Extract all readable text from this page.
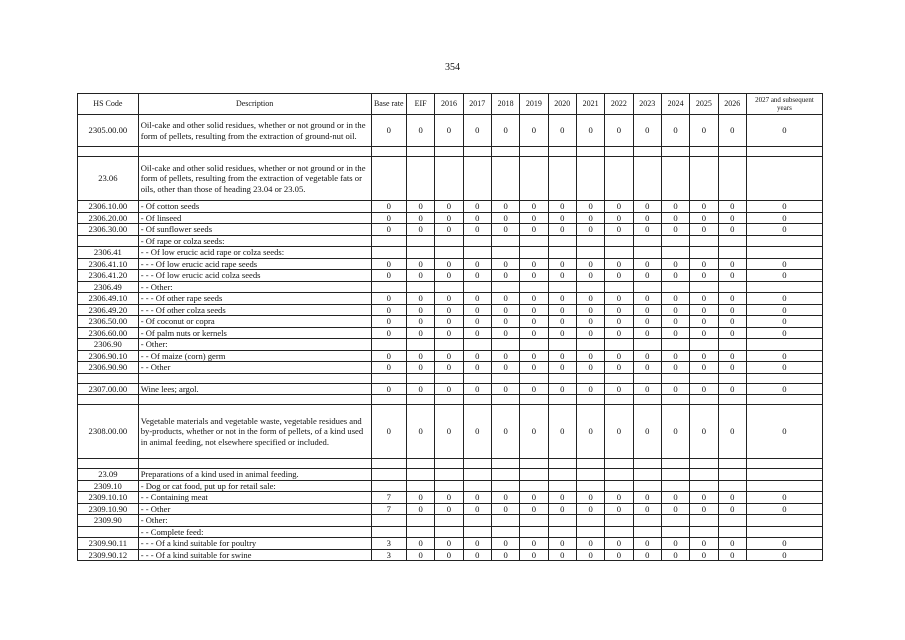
354
HS Code	Description	Base rate	EIF	2016	2017	2018	2019	2020	2021	2022	2023	2024	2025	2026	2027 and subsequent years
2305.00.00	Oil-cake and other solid residues, whether or not ground or in the form of pellets, resulting from the extraction of ground-nut oil.	0	0	0	0	0	0	0	0	0	0	0	0	0	0

23.06	Oil-cake and other solid residues, whether or not ground or in the form of pellets, resulting from the extraction of vegetable fats or oils, other than those of heading 23.04 or 23.05.														
2306.10.00	- Of cotton seeds	0	0	0	0	0	0	0	0	0	0	0	0	0	0
2306.20.00	- Of linseed	0	0	0	0	0	0	0	0	0	0	0	0	0	0
2306.30.00	- Of sunflower seeds	0	0	0	0	0	0	0	0	0	0	0	0	0	0
	- Of rape or colza seeds:														
2306.41	- - Of low erucic acid rape or colza seeds:														
2306.41.10	- - - Of low erucic acid rape seeds	0	0	0	0	0	0	0	0	0	0	0	0	0	0
2306.41.20	- - - Of low erucic acid colza seeds	0	0	0	0	0	0	0	0	0	0	0	0	0	0
2306.49	- - Other:														
2306.49.10	- - - Of other rape seeds	0	0	0	0	0	0	0	0	0	0	0	0	0	0
2306.49.20	- - - Of other colza seeds	0	0	0	0	0	0	0	0	0	0	0	0	0	0
2306.50.00	- Of coconut or copra	0	0	0	0	0	0	0	0	0	0	0	0	0	0
2306.60.00	- Of palm nuts or kernels	0	0	0	0	0	0	0	0	0	0	0	0	0	0
2306.90	- Other:														
2306.90.10	- - Of maize (corn) germ	0	0	0	0	0	0	0	0	0	0	0	0	0	0
2306.90.90	- - Other	0	0	0	0	0	0	0	0	0	0	0	0	0	0

2307.00.00	Wine lees; argol.	0	0	0	0	0	0	0	0	0	0	0	0	0	0

2308.00.00	Vegetable materials and vegetable waste, vegetable residues and by-products, whether or not in the form of pellets, of a kind used in animal feeding, not elsewhere specified or included.	0	0	0	0	0	0	0	0	0	0	0	0	0	0

23.09	Preparations of a kind used in animal feeding.														
2309.10	- Dog or cat food, put up for retail sale:														
2309.10.10	- - Containing meat	7	0	0	0	0	0	0	0	0	0	0	0	0	0
2309.10.90	- - Other	7	0	0	0	0	0	0	0	0	0	0	0	0	0
2309.90	- Other:														
	- - Complete feed:														
2309.90.11	- - - Of a kind suitable for poultry	3	0	0	0	0	0	0	0	0	0	0	0	0	0
2309.90.12	- - - Of a kind suitable for swine	3	0	0	0	0	0	0	0	0	0	0	0	0	0
